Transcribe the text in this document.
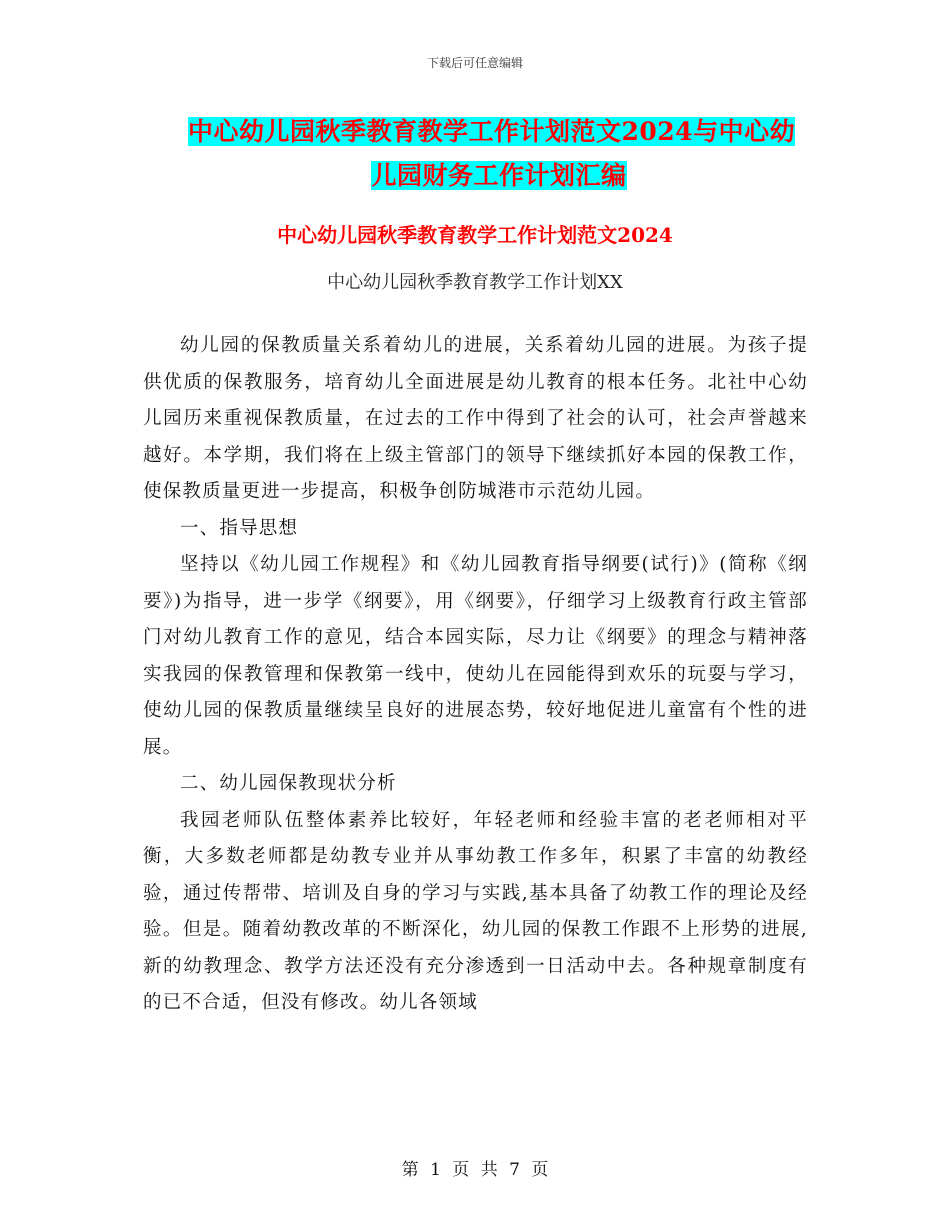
下载后可任意编辑
中心幼儿园秋季教育教学工作计划范文2024与中心幼
儿园财务工作计划汇编
中心幼儿园秋季教育教学工作计划范文2024
中心幼儿园秋季教育教学工作计划XX

幼儿园的保教质量关系着幼儿的进展，关系着幼儿园的进展。为孩子提供优质的保教服务，培育幼儿全面进展是幼儿教育的根本任务。北社中心幼儿园历来重视保教质量，在过去的工作中得到了社会的认可，社会声誉越来越好。本学期，我们将在上级主管部门的领导下继续抓好本园的保教工作，使保教质量更进一步提高，积极争创防城港市示范幼儿园。

一、指导思想

坚持以《幼儿园工作规程》和《幼儿园教育指导纲要(试行)》(简称《纲要》)为指导，进一步学《纲要》，用《纲要》，仔细学习上级教育行政主管部门对幼儿教育工作的意见，结合本园实际，尽力让《纲要》的理念与精神落实我园的保教管理和保教第一线中，使幼儿在园能得到欢乐的玩耍与学习，使幼儿园的保教质量继续呈良好的进展态势，较好地促进儿童富有个性的进展。

二、幼儿园保教现状分析

我园老师队伍整体素养比较好，年轻老师和经验丰富的老老师相对平衡，大多数老师都是幼教专业并从事幼教工作多年，积累了丰富的幼教经验，通过传帮带、培训及自身的学习与实践,基本具备了幼教工作的理论及经验。但是。随着幼教改革的不断深化，幼儿园的保教工作跟不上形势的进展,新的幼教理念、教学方法还没有充分渗透到一日活动中去。各种规章制度有的已不合适，但没有修改。幼儿各领域

第 1 页 共 7 页
